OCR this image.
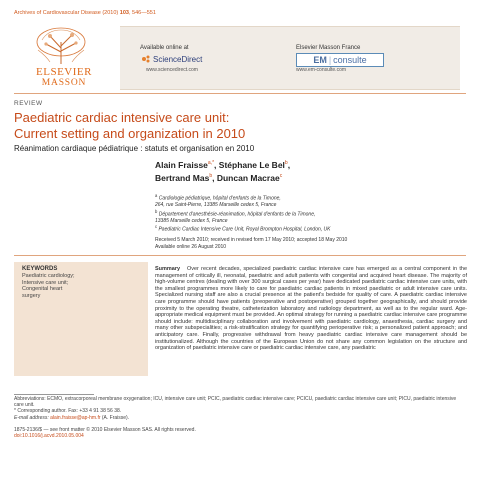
Archives of Cardiovascular Disease (2010) 103, 546—551
ELSEVIER
MASSON
Available online at
ScienceDirect
www.sciencedirect.com
Elsevier Masson France
EM | consulte
www.em-consulte.com
REVIEW
Paediatric cardiac intensive care unit:
Current setting and organization in 2010
Réanimation cardiaque pédiatrique : statuts et organisation en 2010
Alain Fraisse$^{a,*}$, Stéphane Le Bel$^b$,
Bertrand Mas$^b$, Duncan Macrae$^c$
$^a$ Cardiologie pédiatrique, hôpital d'enfants de la Timone,
264, rue Saint-Pierre, 13385 Marseille cedex 5, France
$^b$ Département d'anesthésie-réanimation, hôpital d'enfants de la Timone,
13385 Marseille cedex 5, France
$^c$ Paediatric Cardiac Intensive Care Unit, Royal Brompton Hospital, London, UK
Received 5 March 2010; received in revised form 17 May 2010; accepted 18 May 2010
Available online 26 August 2010
KEYWORDS
Paediatric cardiology;
Intensive care unit;
Congenital heart
surgery
Summary Over recent decades, specialized paediatric cardiac intensive care has emerged as a central component in the management of critically ill, neonatal, paediatric and adult patients with congenital and acquired heart disease. The majority of high-volume centres (dealing with over 300 surgical cases per year) have dedicated paediatric cardiac intensive care units, with the smallest programmes more likely to care for paediatric cardiac patients in mixed paediatric or adult intensive care units. Specialized nursing staff are also a crucial presence at the patient's bedside for quality of care. A paediatric cardiac intensive care programme should have patients (preoperative and postoperative) grouped together geographically, and should provide proximity to the operating theatre, catheterization laboratory and radiology department, as well as to the regular ward. Age-appropriate medical equipment must be provided. An optimal strategy for running a paediatric cardiac intensive care programme should include: multidisciplinary collaboration and involvement with paediatric cardiology, anaesthesia, cardiac surgery and many other subspecialities; a risk-stratification strategy for quantifying perioperative risk; a personalized patient approach; and anticipatory care. Finally, progressive withdrawal from heavy paediatric cardiac intensive care management should be institutionalized. Although the countries of the European Union do not share any common legislation on the structure and organization of paediatric intensive care or paediatric cardiac intensive care, any paediatric
Abbreviations: ECMO, extracorporeal membrane oxygenation; ICU, intensive care unit; PCIC, paediatric cardiac intensive care; PCICU, paediatric cardiac intensive care unit; PICU, paediatric intensive care unit.
* Corresponding author. Fax: +33 4 91 38 56 38.
E-mail address: alain.fraisse@ap-hm.fr (A. Fraisse).
1875-2136/$ — see front matter © 2010 Elsevier Masson SAS. All rights reserved.
doi:10.1016/j.acvd.2010.05.004
